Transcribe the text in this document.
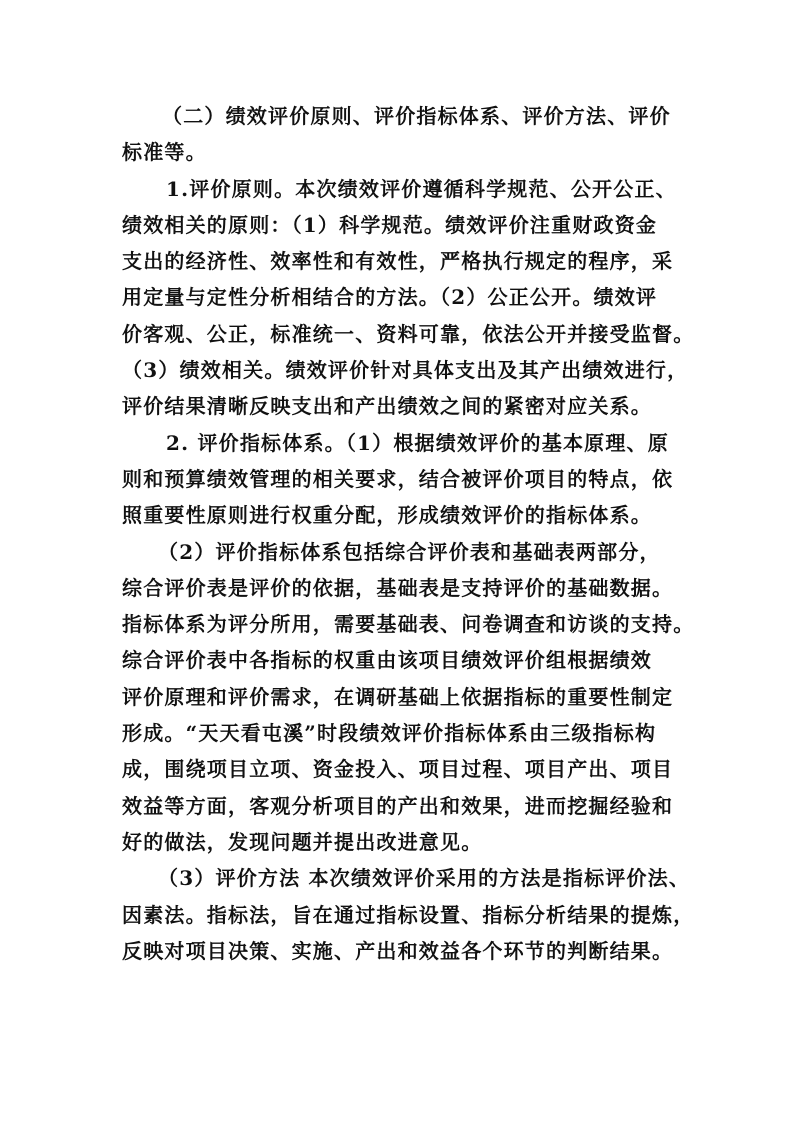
（二）绩效评价原则、评价指标体系、评价方法、评价
标准等。
1.评价原则。本次绩效评价遵循科学规范、公开公正、
绩效相关的原则：（1）科学规范。绩效评价注重财政资金
支出的经济性、效率性和有效性，严格执行规定的程序，采
用定量与定性分析相结合的方法。（2）公正公开。绩效评
价客观、公正，标准统一、资料可靠，依法公开并接受监督。
（3）绩效相关。绩效评价针对具体支出及其产出绩效进行，
评价结果清晰反映支出和产出绩效之间的紧密对应关系。
2. 评价指标体系。（1）根据绩效评价的基本原理、原
则和预算绩效管理的相关要求，结合被评价项目的特点，依
照重要性原则进行权重分配，形成绩效评价的指标体系。
（2）评价指标体系包括综合评价表和基础表两部分，
综合评价表是评价的依据，基础表是支持评价的基础数据。
指标体系为评分所用，需要基础表、问卷调查和访谈的支持。
综合评价表中各指标的权重由该项目绩效评价组根据绩效
评价原理和评价需求，在调研基础上依据指标的重要性制定
形成。“天天看屯溪”时段绩效评价指标体系由三级指标构
成，围绕项目立项、资金投入、项目过程、项目产出、项目
效益等方面，客观分析项目的产出和效果，进而挖掘经验和
好的做法，发现问题并提出改进意见。
（3）评价方法 本次绩效评价采用的方法是指标评价法、
因素法。指标法，旨在通过指标设置、指标分析结果的提炼，
反映对项目决策、实施、产出和效益各个环节的判断结果。
